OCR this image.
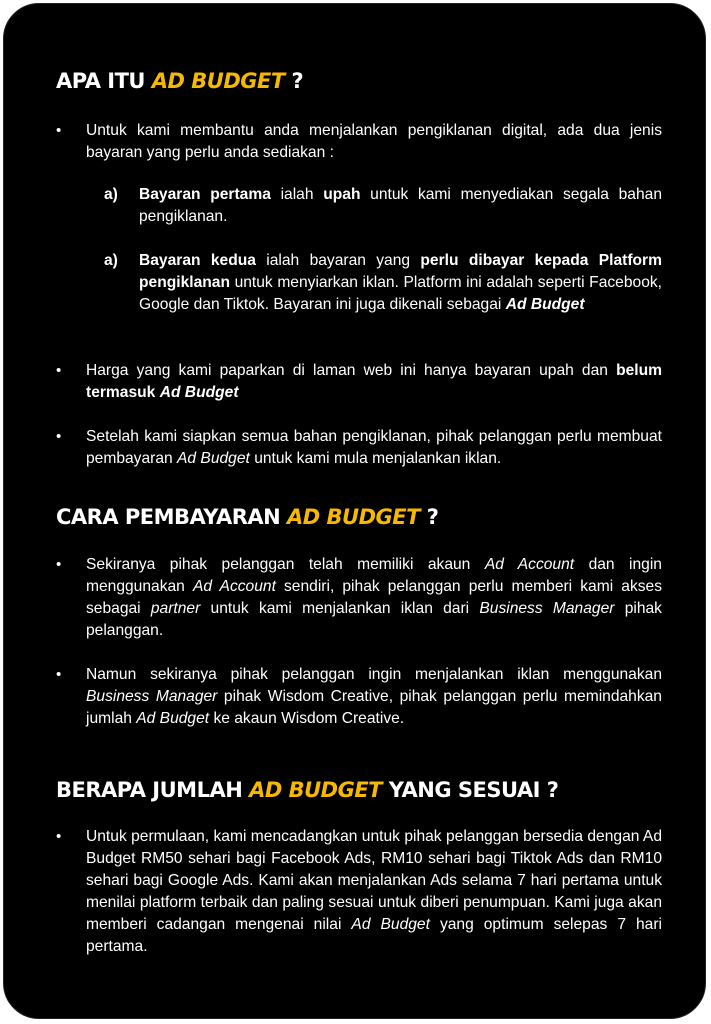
APA ITU AD BUDGET ?
• Untuk kami membantu anda menjalankan pengiklanan digital, ada dua jenis bayaran yang perlu anda sediakan :

a) Bayaran pertama ialah upah untuk kami menyediakan segala bahan pengiklanan.

a) Bayaran kedua ialah bayaran yang perlu dibayar kepada Platform pengiklanan untuk menyiarkan iklan. Platform ini adalah seperti Facebook, Google dan Tiktok. Bayaran ini juga dikenali sebagai Ad Budget

• Harga yang kami paparkan di laman web ini hanya bayaran upah dan belum termasuk Ad Budget

• Setelah kami siapkan semua bahan pengiklanan, pihak pelanggan perlu membuat pembayaran Ad Budget untuk kami mula menjalankan iklan.

CARA PEMBAYARAN AD BUDGET ?
• Sekiranya pihak pelanggan telah memiliki akaun Ad Account dan ingin menggunakan Ad Account sendiri, pihak pelanggan perlu memberi kami akses sebagai partner untuk kami menjalankan iklan dari Business Manager pihak pelanggan.

• Namun sekiranya pihak pelanggan ingin menjalankan iklan menggunakan Business Manager pihak Wisdom Creative, pihak pelanggan perlu memindahkan jumlah Ad Budget ke akaun Wisdom Creative.

BERAPA JUMLAH AD BUDGET YANG SESUAI ?
• Untuk permulaan, kami mencadangkan untuk pihak pelanggan bersedia dengan Ad Budget RM50 sehari bagi Facebook Ads, RM10 sehari bagi Tiktok Ads dan RM10 sehari bagi Google Ads. Kami akan menjalankan Ads selama 7 hari pertama untuk menilai platform terbaik dan paling sesuai untuk diberi penumpuan. Kami juga akan memberi cadangan mengenai nilai Ad Budget yang optimum selepas 7 hari pertama.
